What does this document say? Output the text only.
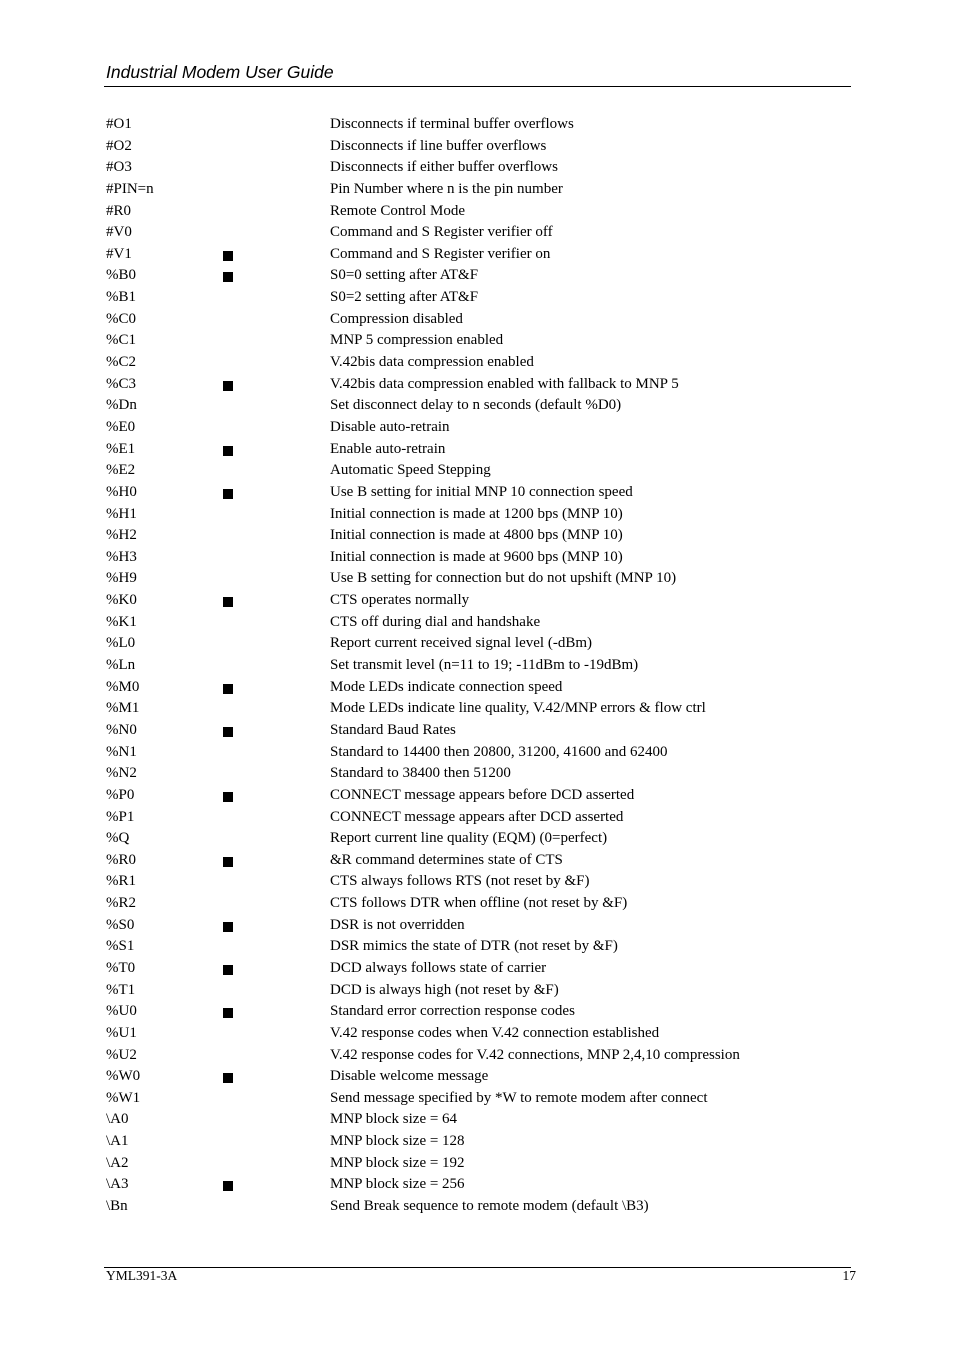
Industrial Modem User Guide
#O1	Disconnects if terminal buffer overflows
#O2	Disconnects if line buffer overflows
#O3	Disconnects if either buffer overflows
#PIN=n	Pin Number where n is the pin number
#R0	Remote Control Mode
#V0	Command and S Register verifier off
#V1	Command and S Register verifier on
%B0	S0=0 setting after AT&F
%B1	S0=2 setting after AT&F
%C0	Compression disabled
%C1	MNP 5 compression enabled
%C2	V.42bis data compression enabled
%C3	V.42bis data compression enabled with fallback to MNP 5
%Dn	Set disconnect delay to n seconds (default %D0)
%E0	Disable auto-retrain
%E1	Enable auto-retrain
%E2	Automatic Speed Stepping
%H0	Use B setting for initial MNP 10 connection speed
%H1	Initial connection is made at 1200 bps (MNP 10)
%H2	Initial connection is made at 4800 bps (MNP 10)
%H3	Initial connection is made at 9600 bps (MNP 10)
%H9	Use B setting for connection but do not upshift (MNP 10)
%K0	CTS operates normally
%K1	CTS off during dial and handshake
%L0	Report current received signal level (-dBm)
%Ln	Set transmit level (n=11 to 19; -11dBm to -19dBm)
%M0	Mode LEDs indicate connection speed
%M1	Mode LEDs indicate line quality, V.42/MNP errors & flow ctrl
%N0	Standard Baud Rates
%N1	Standard to 14400 then 20800, 31200, 41600 and 62400
%N2	Standard to 38400 then 51200
%P0	CONNECT message appears before DCD asserted
%P1	CONNECT message appears after DCD asserted
%Q	Report current line quality (EQM) (0=perfect)
%R0	&R command determines state of CTS
%R1	CTS always follows RTS (not reset by &F)
%R2	CTS follows DTR when offline (not reset by &F)
%S0	DSR is not overridden
%S1	DSR mimics the state of DTR (not reset by &F)
%T0	DCD always follows state of carrier
%T1	DCD is always high (not reset by &F)
%U0	Standard error correction response codes
%U1	V.42 response codes when V.42 connection established
%U2	V.42 response codes for V.42 connections, MNP 2,4,10 compression
%W0	Disable welcome message
%W1	Send message specified by *W to remote modem after connect
\A0	MNP block size = 64
\A1	MNP block size = 128
\A2	MNP block size = 192
\A3	MNP block size = 256
\Bn	Send Break sequence to remote modem (default \B3)
YML391-3A	17
